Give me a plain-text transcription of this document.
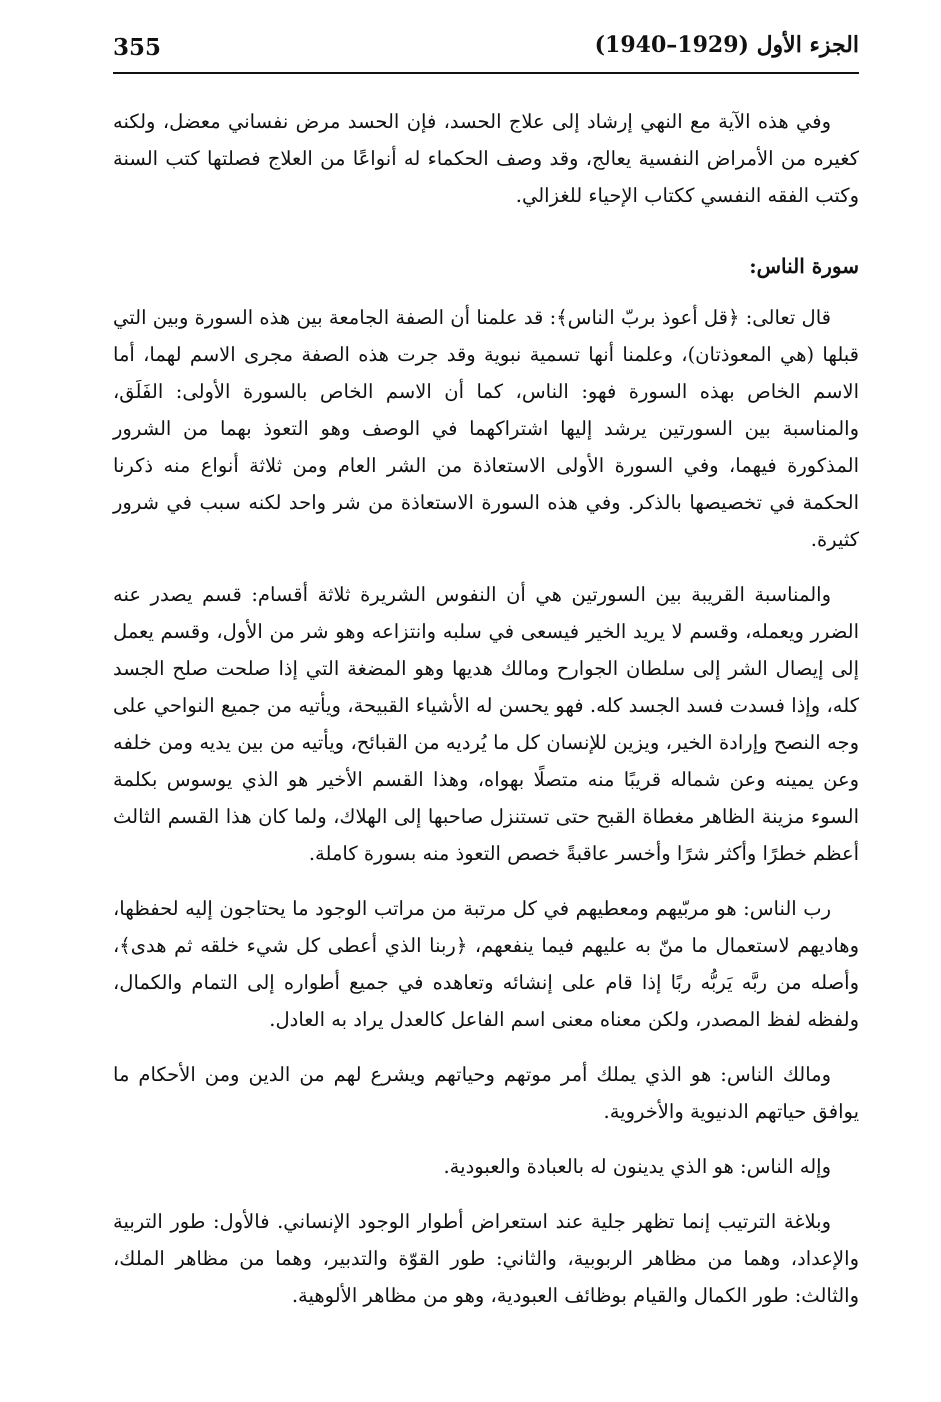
355	الجزء الأول (1929–1940)

وفي هذه الآية مع النهي إرشاد إلى علاج الحسد، فإن الحسد مرض نفساني معضل، ولكنه كغيره من الأمراض النفسية يعالج، وقد وصف الحكماء له أنواعًا من العلاج فصلتها كتب السنة وكتب الفقه النفسي ككتاب الإحياء للغزالي.

سورة الناس:

قال تعالى: ﴿قل أعوذ بربّ الناس﴾: قد علمنا أن الصفة الجامعة بين هذه السورة وبين التي قبلها (هي المعوذتان)، وعلمنا أنها تسمية نبوية وقد جرت هذه الصفة مجرى الاسم لهما، أما الاسم الخاص بهذه السورة فهو: الناس، كما أن الاسم الخاص بالسورة الأولى: الفَلَق، والمناسبة بين السورتين يرشد إليها اشتراكهما في الوصف وهو التعوذ بهما من الشرور المذكورة فيهما، وفي السورة الأولى الاستعاذة من الشر العام ومن ثلاثة أنواع منه ذكرنا الحكمة في تخصيصها بالذكر. وفي هذه السورة الاستعاذة من شر واحد لكنه سبب في شرور كثيرة.

والمناسبة القريبة بين السورتين هي أن النفوس الشريرة ثلاثة أقسام: قسم يصدر عنه الضرر ويعمله، وقسم لا يريد الخير فيسعى في سلبه وانتزاعه وهو شر من الأول، وقسم يعمل إلى إيصال الشر إلى سلطان الجوارح ومالك هديها وهو المضغة التي إذا صلحت صلح الجسد كله، وإذا فسدت فسد الجسد كله. فهو يحسن له الأشياء القبيحة، ويأتيه من جميع النواحي على وجه النصح وإرادة الخير، ويزين للإنسان كل ما يُرديه من القبائح، ويأتيه من بين يديه ومن خلفه وعن يمينه وعن شماله قريبًا منه متصلًا بهواه، وهذا القسم الأخير هو الذي يوسوس بكلمة السوء مزينة الظاهر مغطاة القبح حتى تستنزل صاحبها إلى الهلاك، ولما كان هذا القسم الثالث أعظم خطرًا وأكثر شرًا وأخسر عاقبةً خصص التعوذ منه بسورة كاملة.

رب الناس: هو مربّيهم ومعطيهم في كل مرتبة من مراتب الوجود ما يحتاجون إليه لحفظها، وهاديهم لاستعمال ما منّ به عليهم فيما ينفعهم، ﴿ربنا الذي أعطى كل شيء خلقه ثم هدى﴾، وأصله من ربَّه يَربُّه ربًا إذا قام على إنشائه وتعاهده في جميع أطواره إلى التمام والكمال، ولفظه لفظ المصدر، ولكن معناه معنى اسم الفاعل كالعدل يراد به العادل.

ومالك الناس: هو الذي يملك أمر موتهم وحياتهم ويشرع لهم من الدين ومن الأحكام ما يوافق حياتهم الدنيوية والأخروية.

وإله الناس: هو الذي يدينون له بالعبادة والعبودية.

وبلاغة الترتيب إنما تظهر جلية عند استعراض أطوار الوجود الإنساني. فالأول: طور التربية والإعداد، وهما من مظاهر الربوبية، والثاني: طور القوّة والتدبير، وهما من مظاهر الملك، والثالث: طور الكمال والقيام بوظائف العبودية، وهو من مظاهر الألوهية.
